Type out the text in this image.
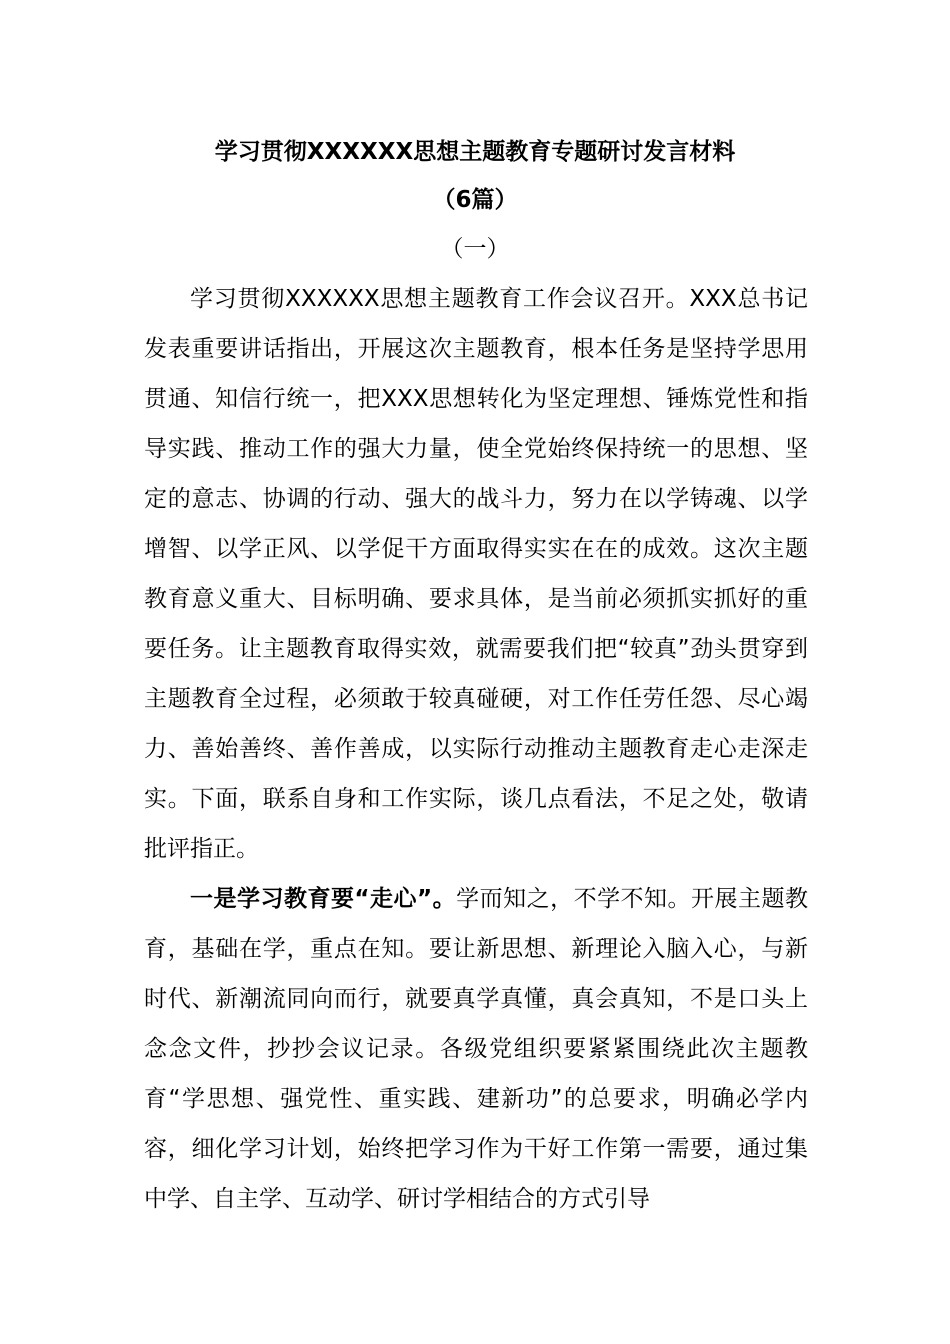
学习贯彻XXXXXX思想主题教育专题研讨发言材料
（6篇）
（一）

学习贯彻XXXXXX思想主题教育工作会议召开。XXX总书记发表重要讲话指出，开展这次主题教育，根本任务是坚持学思用贯通、知信行统一，把XXX思想转化为坚定理想、锤炼党性和指导实践、推动工作的强大力量，使全党始终保持统一的思想、坚定的意志、协调的行动、强大的战斗力，努力在以学铸魂、以学增智、以学正风、以学促干方面取得实实在在的成效。这次主题教育意义重大、目标明确、要求具体，是当前必须抓实抓好的重要任务。让主题教育取得实效，就需要我们把“较真”劲头贯穿到主题教育全过程，必须敢于较真碰硬，对工作任劳任怨、尽心竭力、善始善终、善作善成，以实际行动推动主题教育走心走深走实。下面，联系自身和工作实际，谈几点看法，不足之处，敬请批评指正。

一是学习教育要“走心”。学而知之，不学不知。开展主题教育，基础在学，重点在知。要让新思想、新理论入脑入心，与新时代、新潮流同向而行，就要真学真懂，真会真知，不是口头上念念文件，抄抄会议记录。各级党组织要紧紧围绕此次主题教育“学思想、强党性、重实践、建新功”的总要求，明确必学内容，细化学习计划，始终把学习作为干好工作第一需要，通过集中学、自主学、互动学、研讨学相结合的方式引导
